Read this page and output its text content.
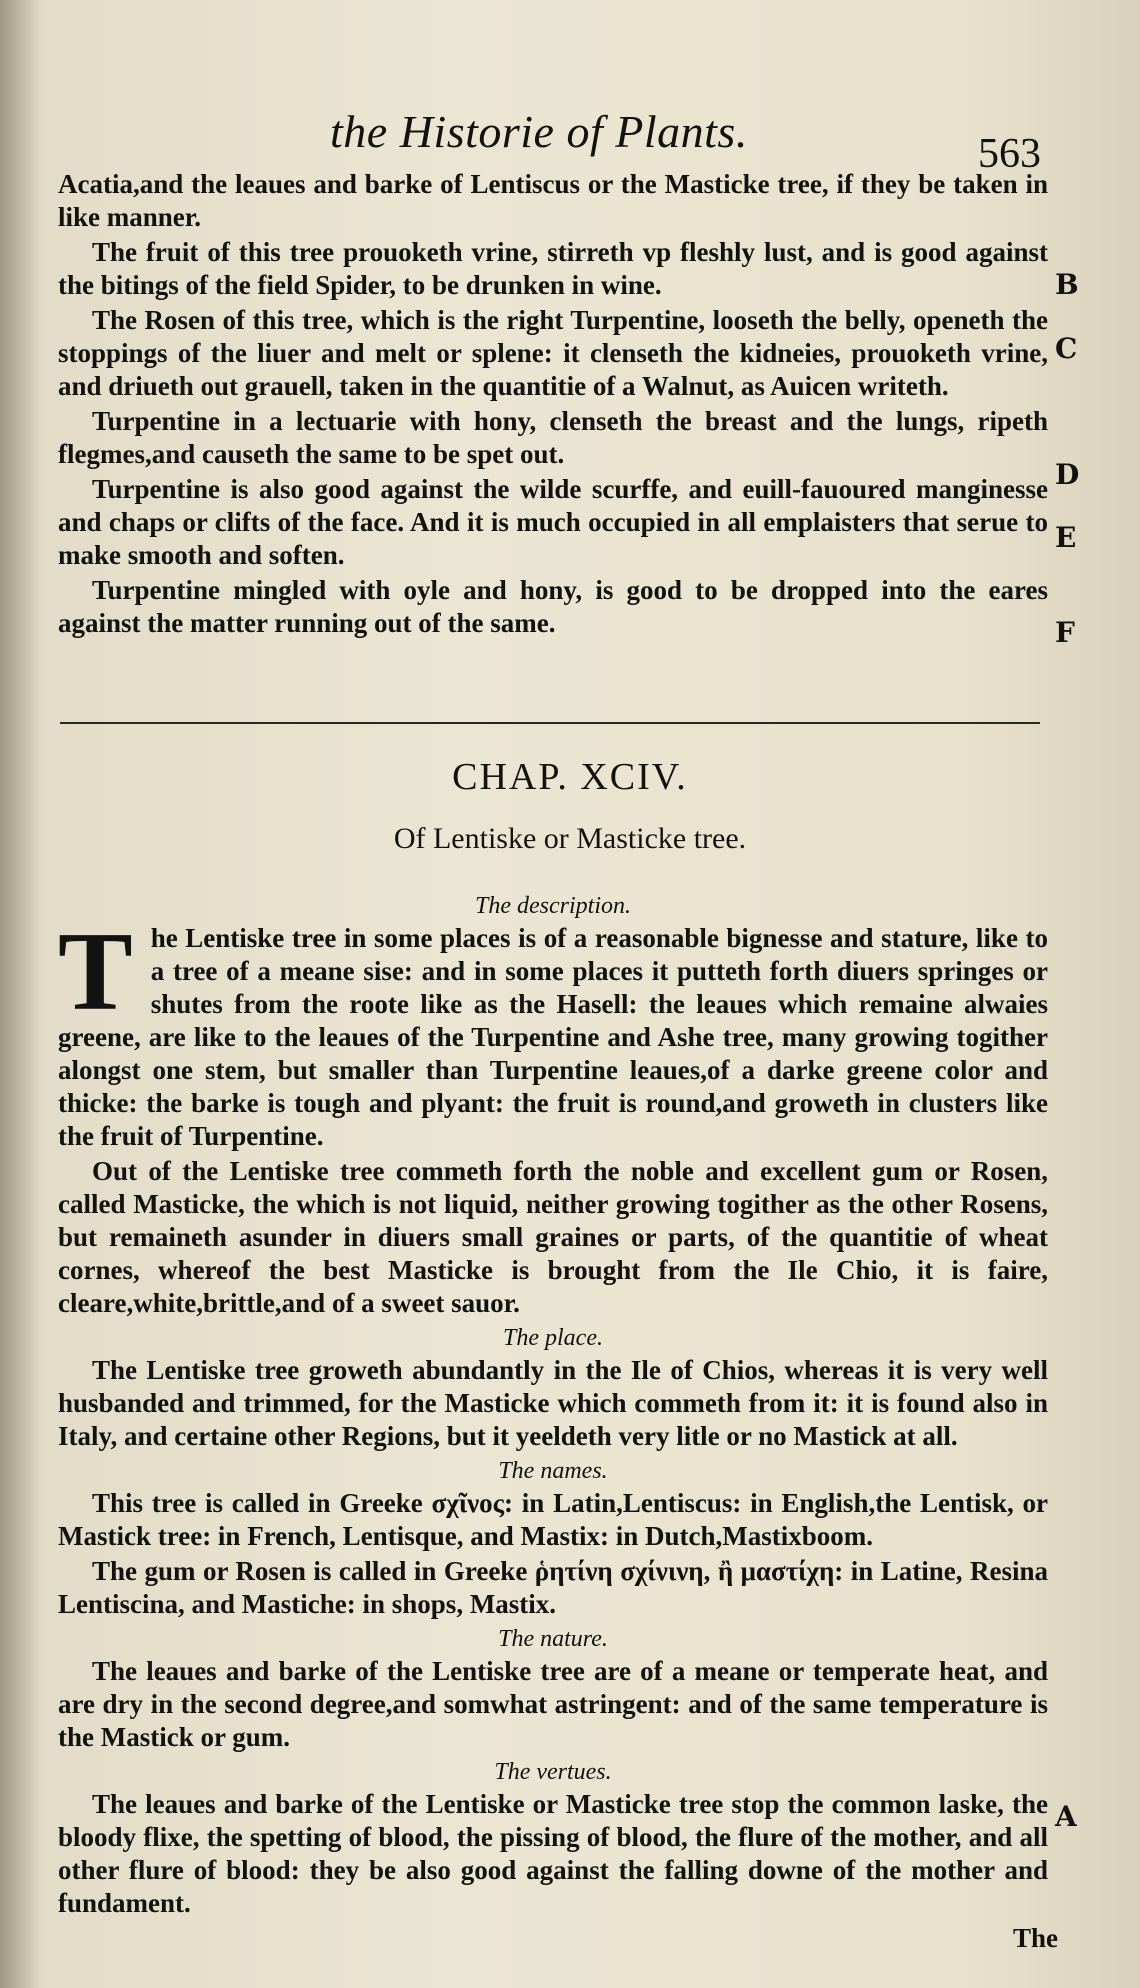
the Historie of Plants.	563

Acatia,and the leaues and barke of Lentiscus or the Masticke tree, if they be taken in like manner.

The fruit of this tree prouoketh vrine, stirreth vp fleshly lust, and is good against the bitings of the field Spider, to be drunken in wine.

The Rosen of this tree, which is the right Turpentine, looseth the belly, openeth the stoppings of the liuer and melt or splene: it clenseth the kidneies, prouoketh vrine, and driueth out grauell, taken in the quantitie of a Walnut, as Auicen writeth.

Turpentine in a lectuarie with hony, clenseth the breast and the lungs, ripeth flegmes,and causeth the same to be spet out.

Turpentine is also good against the wilde scurffe, and euill-fauoured manginesse and chaps or clifts of the face. And it is much occupied in all emplaisters that serue to make smooth and soften.

Turpentine mingled with oyle and hony, is good to be dropped into the eares against the matter running out of the same.

B
C
D
E
F
A
CHAP. XCIV.
Of Lentiske or Masticke tree.
The description.
T he Lentiske tree in some places is of a reasonable bignesse and stature, like to a tree of a meane sise: and in some places it putteth forth diuers springes or shutes from the roote like as the Hasell: the leaues which remaine alwaies greene, are like to the leaues of the Turpentine and Ashe tree, many growing togither alongst one stem, but smaller than Turpentine leaues,of a darke greene color and thicke: the barke is tough and plyant: the fruit is round,and groweth in clusters like the fruit of Turpentine.

Out of the Lentiske tree commeth forth the noble and excellent gum or Rosen, called Masticke, the which is not liquid, neither growing togither as the other Rosens, but remaineth asunder in diuers small graines or parts, of the quantitie of wheat cornes, whereof the best Masticke is brought from the Ile Chio, it is faire, cleare,white,brittle,and of a sweet sauor.

The place.

The Lentiske tree groweth abundantly in the Ile of Chios, whereas it is very well husbanded and trimmed, for the Masticke which commeth from it: it is found also in Italy, and certaine other Regions, but it yeeldeth very litle or no Mastick at all.

The names.

This tree is called in Greeke σχῖνος: in Latin,Lentiscus: in English,the Lentisk, or Mastick tree: in French, Lentisque, and Mastix: in Dutch,Mastixboom.

The gum or Rosen is called in Greeke ῥητίνη σχίνινη, ἢ μαστίχη: in Latine, Resina Lentiscina, and Mastiche: in shops, Mastix.

The nature.

The leaues and barke of the Lentiske tree are of a meane or temperate heat, and are dry in the second degree,and somwhat astringent: and of the same temperature is the Mastick or gum.

The vertues.

The leaues and barke of the Lentiske or Masticke tree stop the common laske, the bloody flixe, the spetting of blood, the pissing of blood, the flure of the mother, and all other flure of blood: they be also good against the falling downe of the mother and fundament.

The
